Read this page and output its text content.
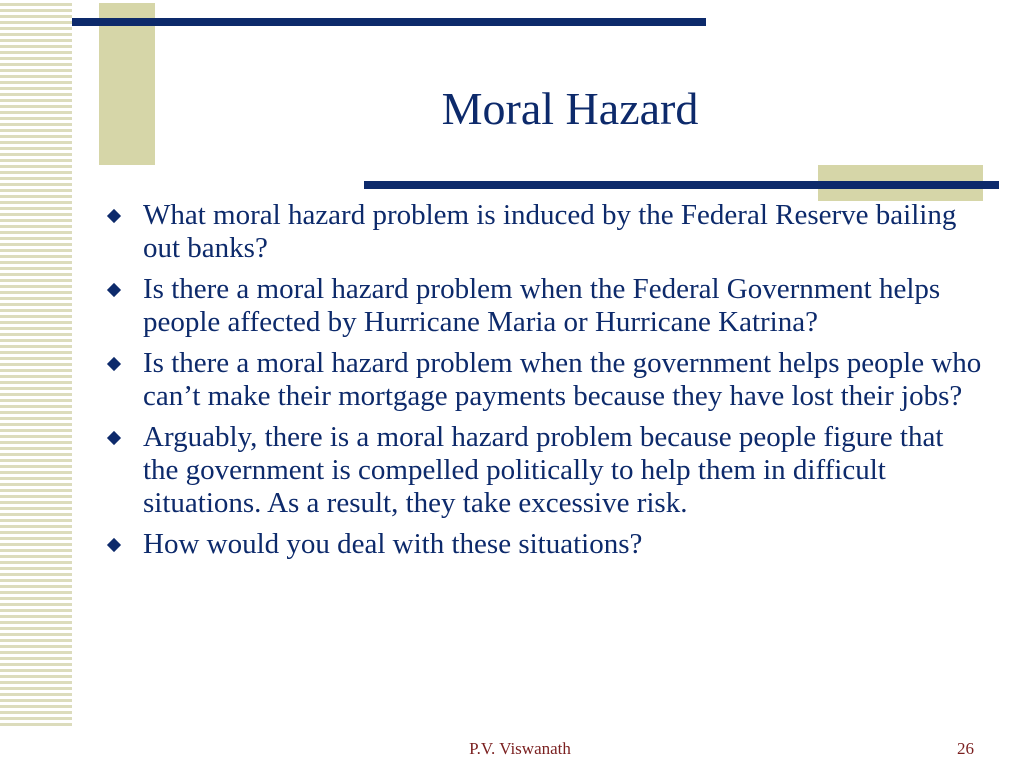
Moral Hazard
What moral hazard problem is induced by the Federal Reserve bailing out banks?
Is there a moral hazard problem when the Federal Government helps people affected by Hurricane Maria or Hurricane Katrina?
Is there a moral hazard problem when the government helps people who can’t make their mortgage payments because they have lost their jobs?
Arguably, there is a moral hazard problem because people figure that the government is compelled politically to help them in difficult situations. As a result, they take excessive risk.
How would you deal with these situations?
P.V. Viswanath	26
